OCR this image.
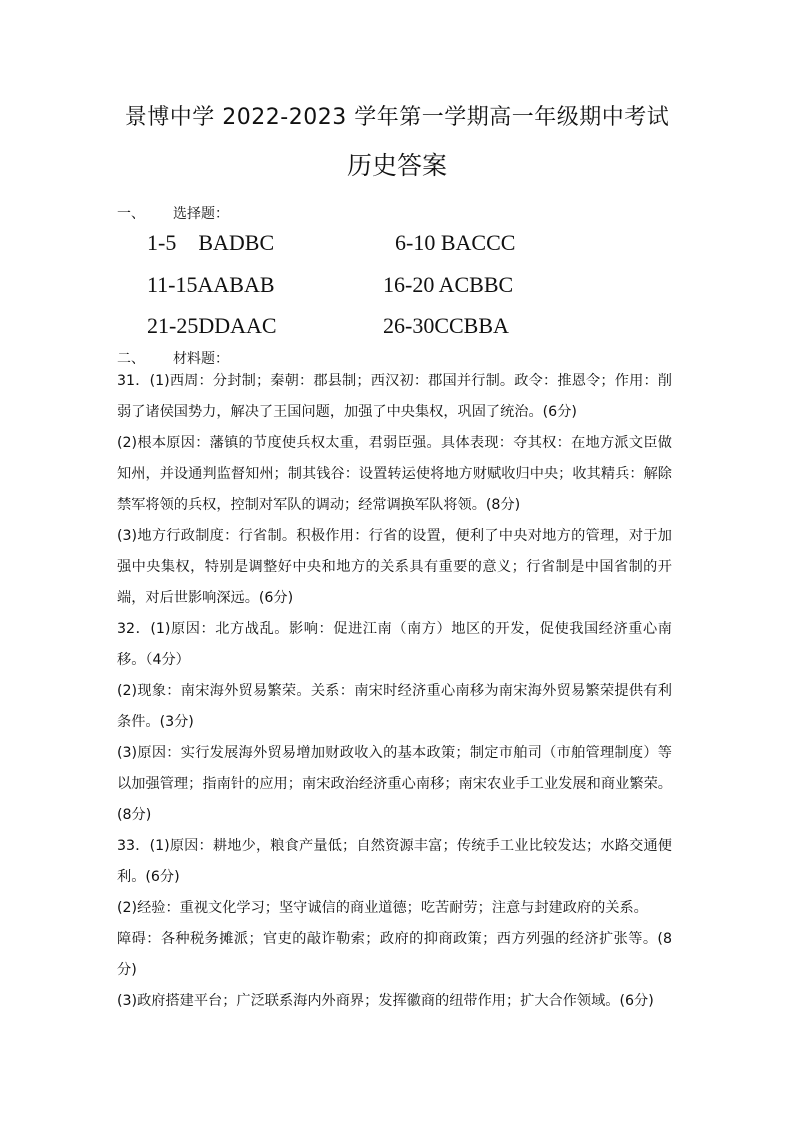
景博中学 2022-2023 学年第一学期高一年级期中考试
历史答案
一、 选择题：
1-5 BADBC	6-10 BACCC
11-15AABAB	16-20 ACBBC
21-25DDAAC	26-30CCBBA
二、 材料题：
31．(1)西周：分封制；秦朝：郡县制；西汉初：郡国并行制。政令：推恩令；作用：削弱了诸侯国势力，解决了王国问题，加强了中央集权，巩固了统治。(6分)
(2)根本原因：藩镇的节度使兵权太重，君弱臣强。具体表现：夺其权：在地方派文臣做知州，并设通判监督知州；制其钱谷：设置转运使将地方财赋收归中央；收其精兵：解除禁军将领的兵权，控制对军队的调动；经常调换军队将领。(8分)
(3)地方行政制度：行省制。积极作用：行省的设置，便利了中央对地方的管理，对于加强中央集权，特别是调整好中央和地方的关系具有重要的意义；行省制是中国省制的开端，对后世影响深远。(6分)
32．(1)原因：北方战乱。影响：促进江南（南方）地区的开发，促使我国经济重心南移。（4分）
(2)现象：南宋海外贸易繁荣。关系：南宋时经济重心南移为南宋海外贸易繁荣提供有利条件。(3分)
(3)原因：实行发展海外贸易增加财政收入的基本政策；制定市舶司（市舶管理制度）等以加强管理；指南针的应用；南宋政治经济重心南移；南宋农业手工业发展和商业繁荣。(8分)
33．(1)原因：耕地少，粮食产量低；自然资源丰富；传统手工业比较发达；水路交通便利。(6分)
(2)经验：重视文化学习；坚守诚信的商业道德；吃苦耐劳；注意与封建政府的关系。
障碍：各种税务摊派；官吏的敲诈勒索；政府的抑商政策；西方列强的经济扩张等。(8分)
(3)政府搭建平台；广泛联系海内外商界；发挥徽商的纽带作用；扩大合作领域。(6分)
